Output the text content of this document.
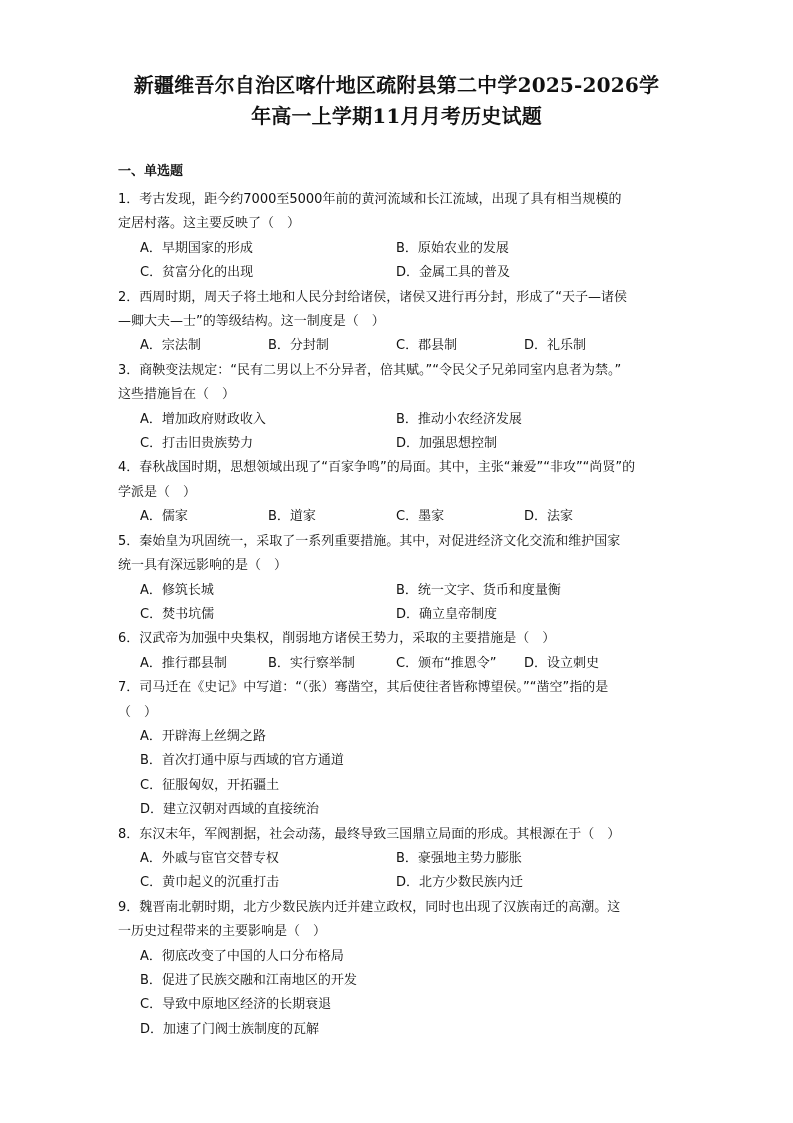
新疆维吾尔自治区喀什地区疏附县第二中学2025-2026学
年高一上学期11月月考历史试题
一、单选题

1．考古发现，距今约7000至5000年前的黄河流域和长江流域，出现了具有相当规模的

定居村落。这主要反映了（　）

A．早期国家的形成	B．原始农业的发展
C．贫富分化的出现	D．金属工具的普及

2．西周时期，周天子将土地和人民分封给诸侯，诸侯又进行再分封，形成了“天子—诸侯

—卿大夫—士”的等级结构。这一制度是（　）

A．宗法制	B．分封制	C．郡县制	D．礼乐制

3．商鞅变法规定：“民有二男以上不分异者，倍其赋。”“令民父子兄弟同室内息者为禁。”

这些措施旨在（　）

A．增加政府财政收入	B．推动小农经济发展
C．打击旧贵族势力	D．加强思想控制

4．春秋战国时期，思想领域出现了“百家争鸣”的局面。其中，主张“兼爱”“非攻”“尚贤”的

学派是（　）

A．儒家	B．道家	C．墨家	D．法家

5．秦始皇为巩固统一，采取了一系列重要措施。其中，对促进经济文化交流和维护国家

统一具有深远影响的是（　）

A．修筑长城	B．统一文字、货币和度量衡
C．焚书坑儒	D．确立皇帝制度

6．汉武帝为加强中央集权，削弱地方诸侯王势力，采取的主要措施是（　）

A．推行郡县制	B．实行察举制	C．颁布“推恩令”	D．设立刺史

7．司马迁在《史记》中写道：“（张）骞凿空，其后使往者皆称博望侯。”“凿空”指的是

（　）

A．开辟海上丝绸之路
B．首次打通中原与西域的官方通道
C．征服匈奴，开拓疆土
D．建立汉朝对西域的直接统治

8．东汉末年，军阀割据，社会动荡，最终导致三国鼎立局面的形成。其根源在于（　）

A．外戚与宦官交替专权	B．豪强地主势力膨胀
C．黄巾起义的沉重打击	D．北方少数民族内迁

9．魏晋南北朝时期，北方少数民族内迁并建立政权，同时也出现了汉族南迁的高潮。这

一历史过程带来的主要影响是（　）

A．彻底改变了中国的人口分布格局
B．促进了民族交融和江南地区的开发
C．导致中原地区经济的长期衰退
D．加速了门阀士族制度的瓦解
